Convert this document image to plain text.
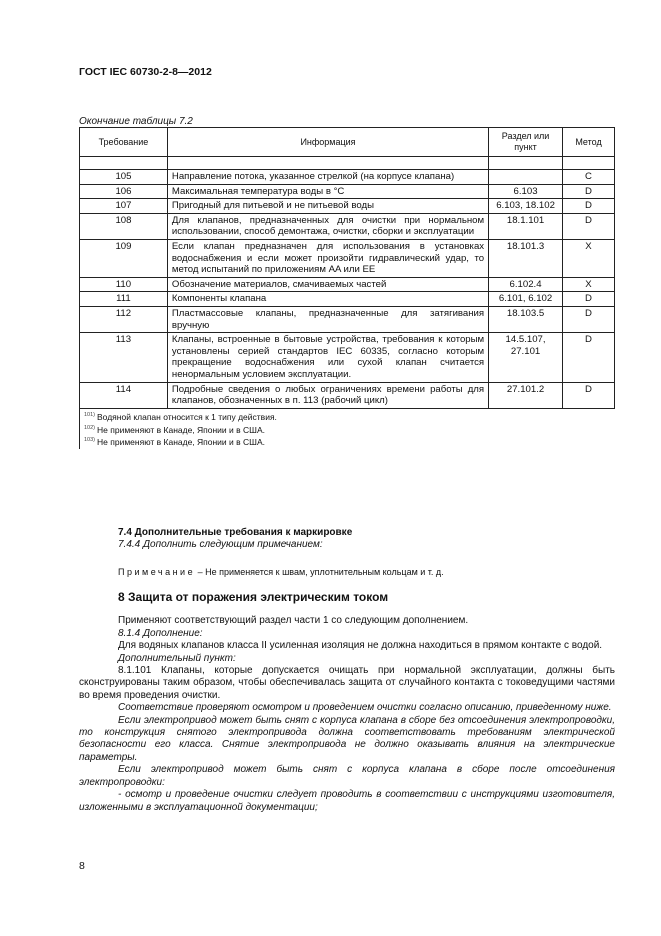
ГОСТ IEC 60730-2-8—2012
Окончание таблицы 7.2
Требование	Информация	Раздел или пункт	Метод

105	Направление потока, указанное стрелкой (на корпусе клапана)		C
106	Максимальная температура воды в °C	6.103	D
107	Пригодный для питьевой и не питьевой воды	6.103, 18.102	D
108	Для клапанов, предназначенных для очистки при нормальном использовании, способ демонтажа, очистки, сборки и эксплуатации	18.1.101	D
109	Если клапан предназначен для использования в установках водоснабжения и если может произойти гидравлический удар, то метод испытаний по приложениям AA или EE	18.101.3	X
110	Обозначение материалов, смачиваемых частей	6.102.4	X
111	Компоненты клапана	6.101, 6.102	D
112	Пластмассовые клапаны, предназначенные для затягивания вручную	18.103.5	D
113	Клапаны, встроенные в бытовые устройства, требования к которым установлены серией стандартов IEC 60335, согласно которым прекращение водоснабжения или сухой клапан считается ненормальным условием эксплуатации.	14.5.107, 27.101	D
114	Подробные сведения о любых ограничениях времени работы для клапанов, обозначенных в п. 113 (рабочий цикл)	27.101.2	D

$^{101)}$ Водяной клапан относится к 1 типу действия.
$^{102)}$ Не применяют в Канаде, Японии и в США.
$^{103)}$ Не применяют в Канаде, Японии и в США.			

7.4 Дополнительные требования к маркировке

7.4.4 Дополнить следующим примечанием:

Примечание – Не применяется к швам, уплотнительным кольцам и т. д.

8 Защита от поражения электрическим током

Применяют соответствующий раздел части 1 со следующим дополнением.

8.1.4 Дополнение:

Для водяных клапанов класса II усиленная изоляция не должна находиться в прямом контакте с водой.

Дополнительный пункт:

8.1.101 Клапаны, которые допускается очищать при нормальной эксплуатации, должны быть сконструированы таким образом, чтобы обеспечивалась защита от случайного контакта с токоведущими частями во время проведения очистки.

Соответствие проверяют осмотром и проведением очистки согласно описанию, приведенному ниже.

Если электропривод может быть снят с корпуса клапана в сборе без отсоединения электропроводки, то конструкция снятого электропривода должна соответствовать требованиям электрической безопасности его класса. Снятие электропривода не должно оказывать влияния на электрические параметры.

Если электропривод может быть снят с корпуса клапана в сборе после отсоединения электропроводки:

- осмотр и проведение очистки следует проводить в соответствии с инструкциями изготовителя, изложенными в эксплуатационной документации;

8
